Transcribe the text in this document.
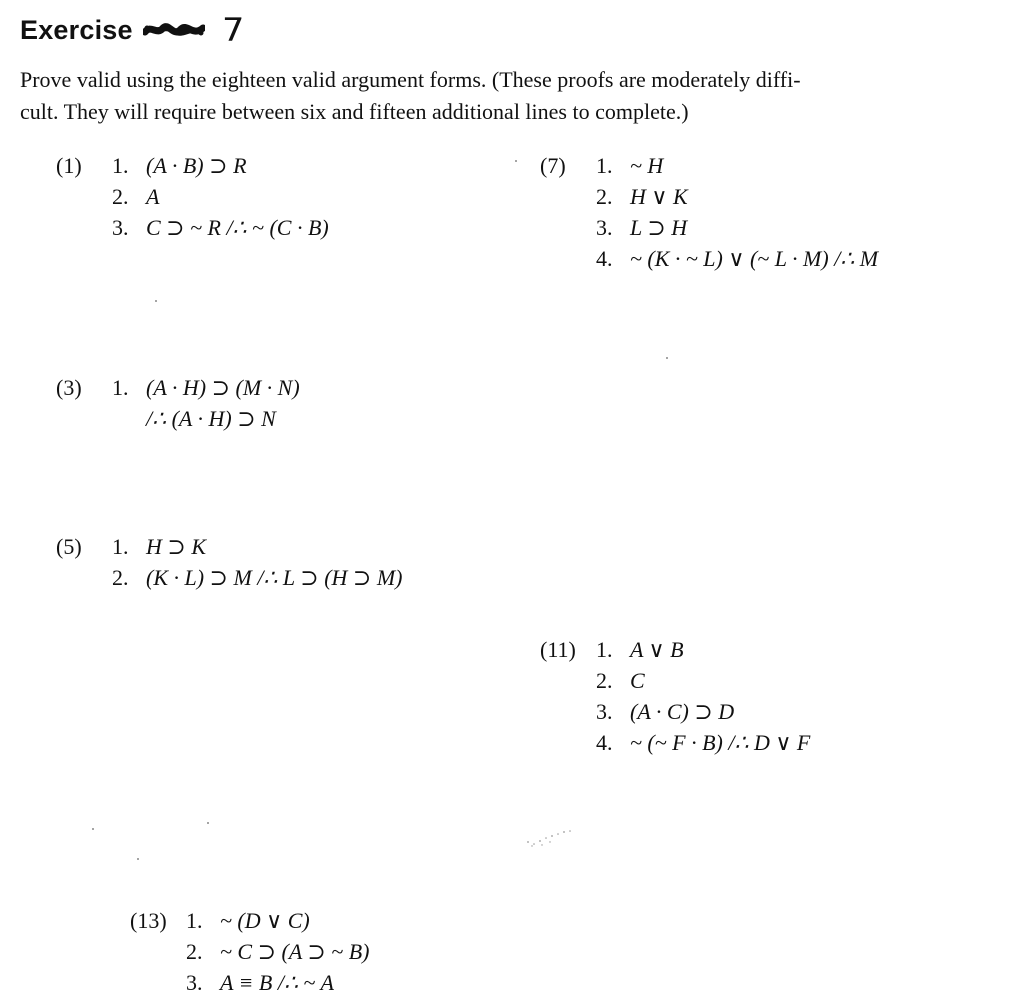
Exercise	7
Prove valid using the eighteen valid argument forms. (These proofs are moderately diffi-
cult. They will require between six and fifteen additional lines to complete.)
(1) 1. (A · B) ⊃ R
2. A
3. C ⊃ ~ R /∴ ~ (C · B)
(7) 1. ~ H
2. H ∨ K
3. L ⊃ H
4. ~ (K · ~ L) ∨ (~ L · M) /∴ M
(3) 1. (A · H) ⊃ (M · N)
/∴ (A · H) ⊃ N
(5) 1. H ⊃ K
2. (K · L) ⊃ M /∴ L ⊃ (H ⊃ M)
(11) 1. A ∨ B
2. C
3. (A · C) ⊃ D
4. ~ (~ F · B) /∴ D ∨ F
(13) 1. ~ (D ∨ C)
2. ~ C ⊃ (A ⊃ ~ B)
3. A ≡ B /∴ ~ A
